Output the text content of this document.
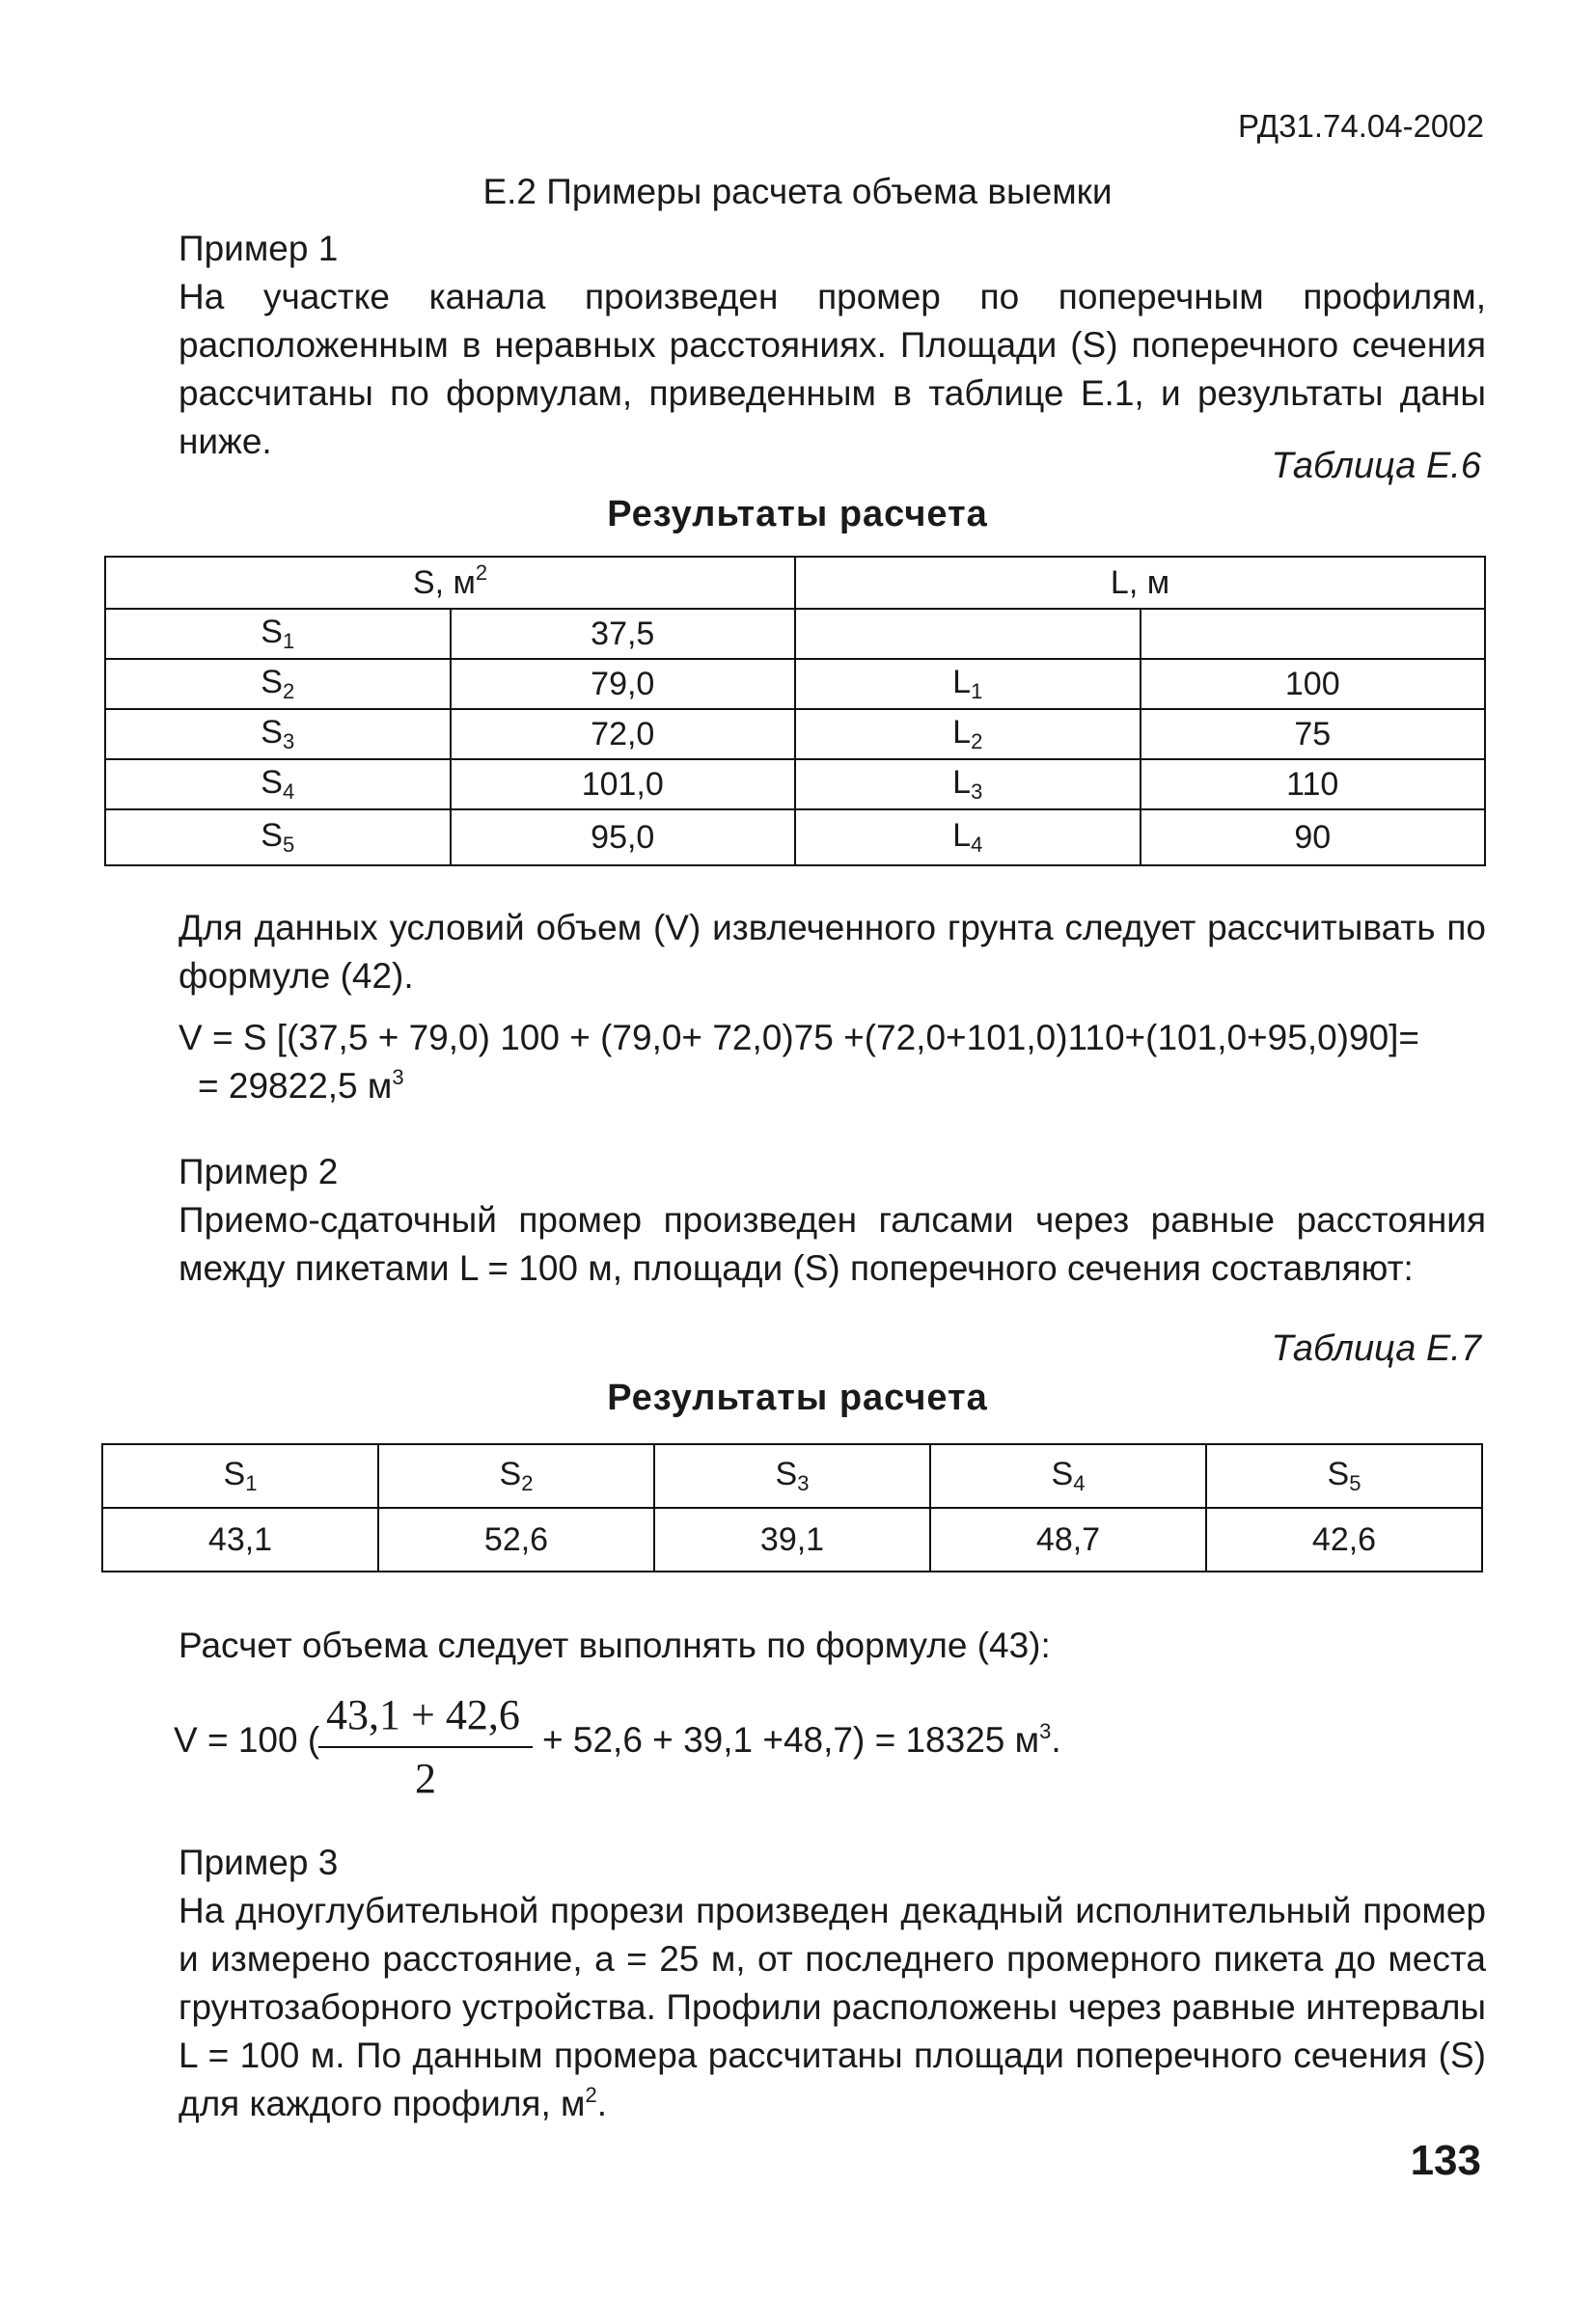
РД31.74.04-2002
Е.2 Примеры расчета объема выемки
Пример 1
На участке канала произведен промер по поперечным профилям, расположенным в неравных расстояниях. Площади (S) поперечного сечения рассчитаны по формулам, приведенным в таблице Е.1, и результаты даны ниже.
Таблица Е.6
Результаты расчета
S, $м^2$		L, м	
$S_1$	37,5		
$S_2$	79,0	$L_1$	100
$S_3$	72,0	$L_2$	75
$S_4$	101,0	$L_3$	110
$S_5$	95,0	$L_4$	90
Для данных условий объем (V) извлеченного грунта следует рассчитывать по формуле (42).
V = S [(37,5 + 79,0) 100 + (79,0+ 72,0)75 +(72,0+101,0)110+(101,0+95,0)90]=
= 29822,5 $м^3$
Пример 2
Приемо-сдаточный промер произведен галсами через равные расстояния между пикетами L = 100 м, площади (S) поперечного сечения составляют:
Таблица Е.7
Результаты расчета
$S_1$	$S_2$	$S_3$	$S_4$	$S_5$
43,1	52,6	39,1	48,7	42,6
Расчет объема следует выполнять по формуле (43):
V = 100 (
43,1 + 42,6
2
+ 52,6 + 39,1 +48,7) = 18325 $м^3$.
Пример 3
На дноуглубительной прорези произведен декадный исполнительный промер и измерено расстояние, а = 25 м, от последнего промерного пикета до места грунтозаборного устройства. Профили расположены через равные интервалы L = 100 м. По данным промера рассчитаны площади поперечного сечения (S) для каждого профиля, $м^2$.
133
